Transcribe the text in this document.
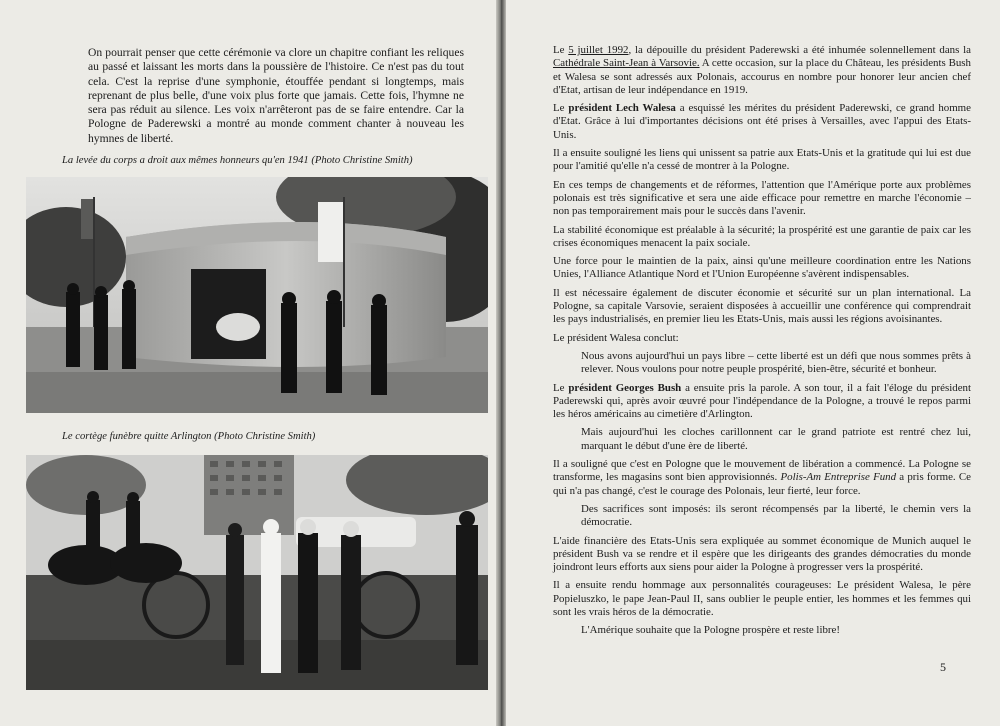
On pourrait penser que cette cérémonie va clore un chapitre confiant les reliques au passé et laissant les morts dans la poussière de l'histoire. Ce n'est pas du tout cela. C'est la reprise d'une symphonie, étouffée pendant si longtemps, mais reprenant de plus belle, d'une voix plus forte que jamais. Cette fois, l'hymne ne sera pas réduit au silence. Les voix n'arrêteront pas de se faire entendre. Car la Pologne de Paderewski a montré au monde comment chanter à nouveau les hymnes de liberté.

La levée du corps a droit aux mêmes honneurs qu'en 1941 (Photo Christine Smith)

Le cortège funèbre quitte Arlington (Photo Christine Smith)

Le 5 juillet 1992, la dépouille du président Paderewski a été inhumée solennellement dans la Cathédrale Saint-Jean à Varsovie. A cette occasion, sur la place du Château, les présidents Bush et Walesa se sont adressés aux Polonais, accourus en nombre pour honorer leur ancien chef d'Etat, artisan de leur indépendance en 1919.

Le président Lech Walesa a esquissé les mérites du président Paderewski, ce grand homme d'Etat. Grâce à lui d'importantes décisions ont été prises à Versailles, avec l'appui des Etats-Unis.

Il a ensuite souligné les liens qui unissent sa patrie aux Etats-Unis et la gratitude qui lui est due pour l'amitié qu'elle n'a cessé de montrer à la Pologne.

En ces temps de changements et de réformes, l'attention que l'Amérique porte aux problèmes polonais est très significative et sera une aide efficace pour remettre en marche l'économie – non pas temporairement mais pour le succès dans l'avenir.

La stabilité économique est préalable à la sécurité; la prospérité est une garantie de paix car les crises économiques menacent la paix sociale.

Une force pour le maintien de la paix, ainsi qu'une meilleure coordination entre les Nations Unies, l'Alliance Atlantique Nord et l'Union Européenne s'avèrent indispensables.

Il est nécessaire également de discuter économie et sécurité sur un plan international. La Pologne, sa capitale Varsovie, seraient disposées à accueillir une conférence qui comprendrait les pays industrialisés, en premier lieu les Etats-Unis, mais aussi les régions avoisinantes.

Le président Walesa conclut:

Nous avons aujourd'hui un pays libre – cette liberté est un défi que nous sommes prêts à relever. Nous voulons pour notre peuple prospérité, bien-être, sécurité et bonheur.

Le président Georges Bush a ensuite pris la parole. A son tour, il a fait l'éloge du président Paderewski qui, après avoir œuvré pour l'indépendance de la Pologne, a trouvé le repos parmi les héros américains au cimetière d'Arlington.

Mais aujourd'hui les cloches carillonnent car le grand patriote est rentré chez lui, marquant le début d'une ère de liberté.

Il a souligné que c'est en Pologne que le mouvement de libération a commencé. La Pologne se transforme, les magasins sont bien approvisionnés. Polis-Am Entreprise Fund a pris forme. Ce qui n'a pas changé, c'est le courage des Polonais, leur fierté, leur force.

Des sacrifices sont imposés: ils seront récompensés par la liberté, le chemin vers la démocratie.

L'aide financière des Etats-Unis sera expliquée au sommet économique de Munich auquel le président Bush va se rendre et il espère que les dirigeants des grandes démocraties du monde joindront leurs efforts aux siens pour aider la Pologne à progresser vers la prospérité.

Il a ensuite rendu hommage aux personnalités courageuses: Le président Walesa, le père Popieluszko, le pape Jean-Paul II, sans oublier le peuple entier, les hommes et les femmes qui sont les vrais héros de la démocratie.

L'Amérique souhaite que la Pologne prospère et reste libre!

5
